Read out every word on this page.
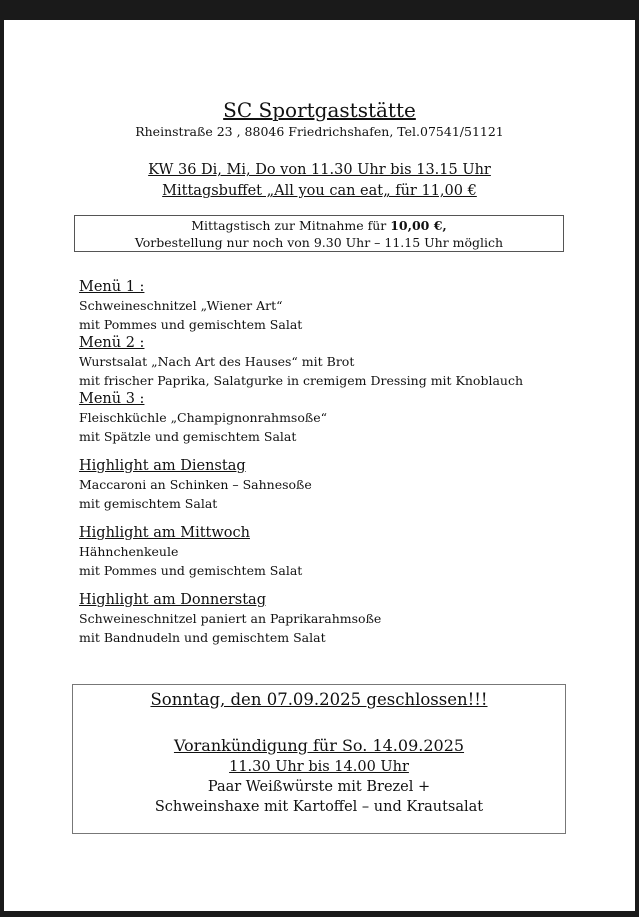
SC Sportgaststätte
Rheinstraße 23 , 88046 Friedrichshafen, Tel.07541/51121
KW 36 Di, Mi, Do von 11.30 Uhr bis 13.15 Uhr
Mittagsbuffet „All you can eat„ für 11,00 €
Mittagstisch zur Mitnahme für 10,00 €,
Vorbestellung nur noch von 9.30 Uhr – 11.15 Uhr möglich
Menü 1 :
Schweineschnitzel „Wiener Art“
mit Pommes und gemischtem Salat
Menü 2 :
Wurstsalat „Nach Art des Hauses“ mit Brot
mit frischer Paprika, Salatgurke in cremigem Dressing mit Knoblauch
Menü 3 :
Fleischküchle „Champignonrahmsoße“
mit Spätzle und gemischtem Salat
Highlight am Dienstag
Maccaroni an Schinken – Sahnesoße
mit gemischtem Salat
Highlight am Mittwoch
Hähnchenkeule
mit Pommes und gemischtem Salat
Highlight am Donnerstag
Schweineschnitzel paniert an Paprikarahmsoße
mit Bandnudeln und gemischtem Salat
Sonntag, den 07.09.2025 geschlossen!!!
Vorankündigung für So. 14.09.2025
11.30 Uhr bis 14.00 Uhr
Paar Weißwürste mit Brezel +
Schweinshaxe mit Kartoffel – und Krautsalat
